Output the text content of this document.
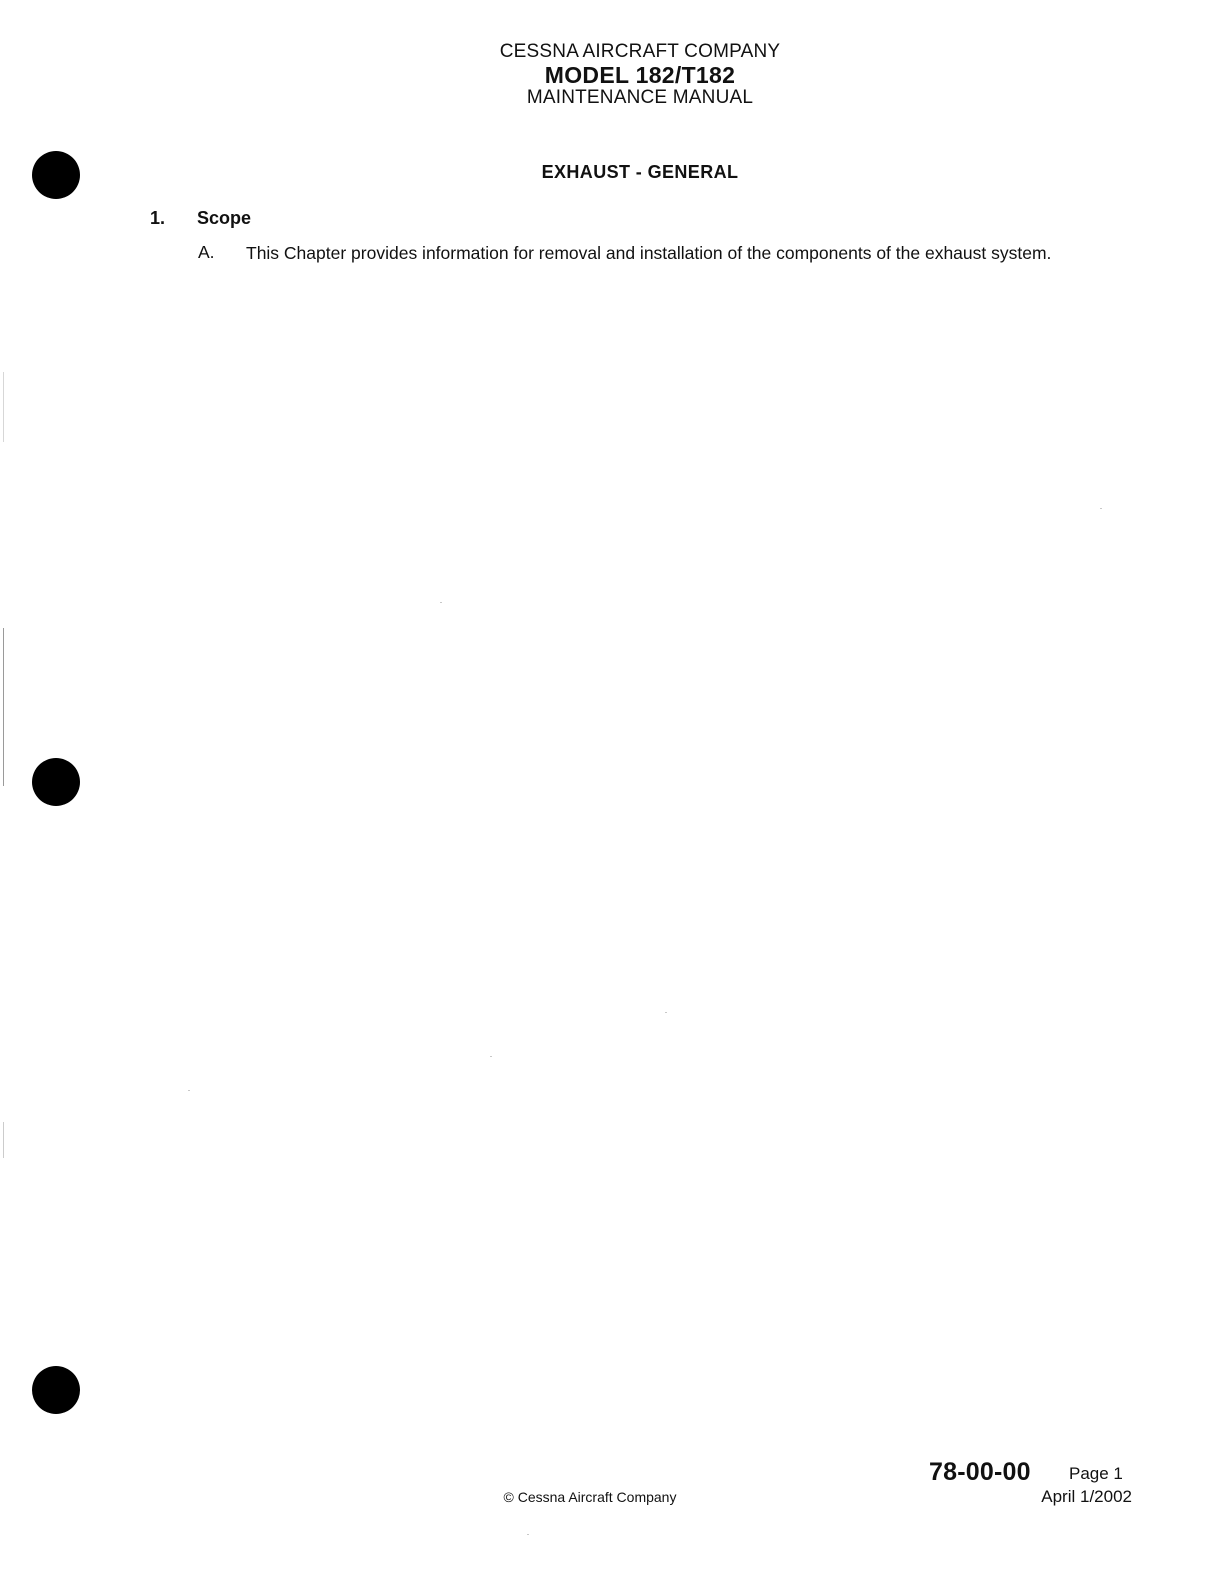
CESSNA AIRCRAFT COMPANY
MODEL 182/T182
MAINTENANCE MANUAL
EXHAUST - GENERAL
1. Scope
A. This Chapter provides information for removal and installation of the components of the exhaust system.
78-00-00 Page 1
April 1/2002
© Cessna Aircraft Company
